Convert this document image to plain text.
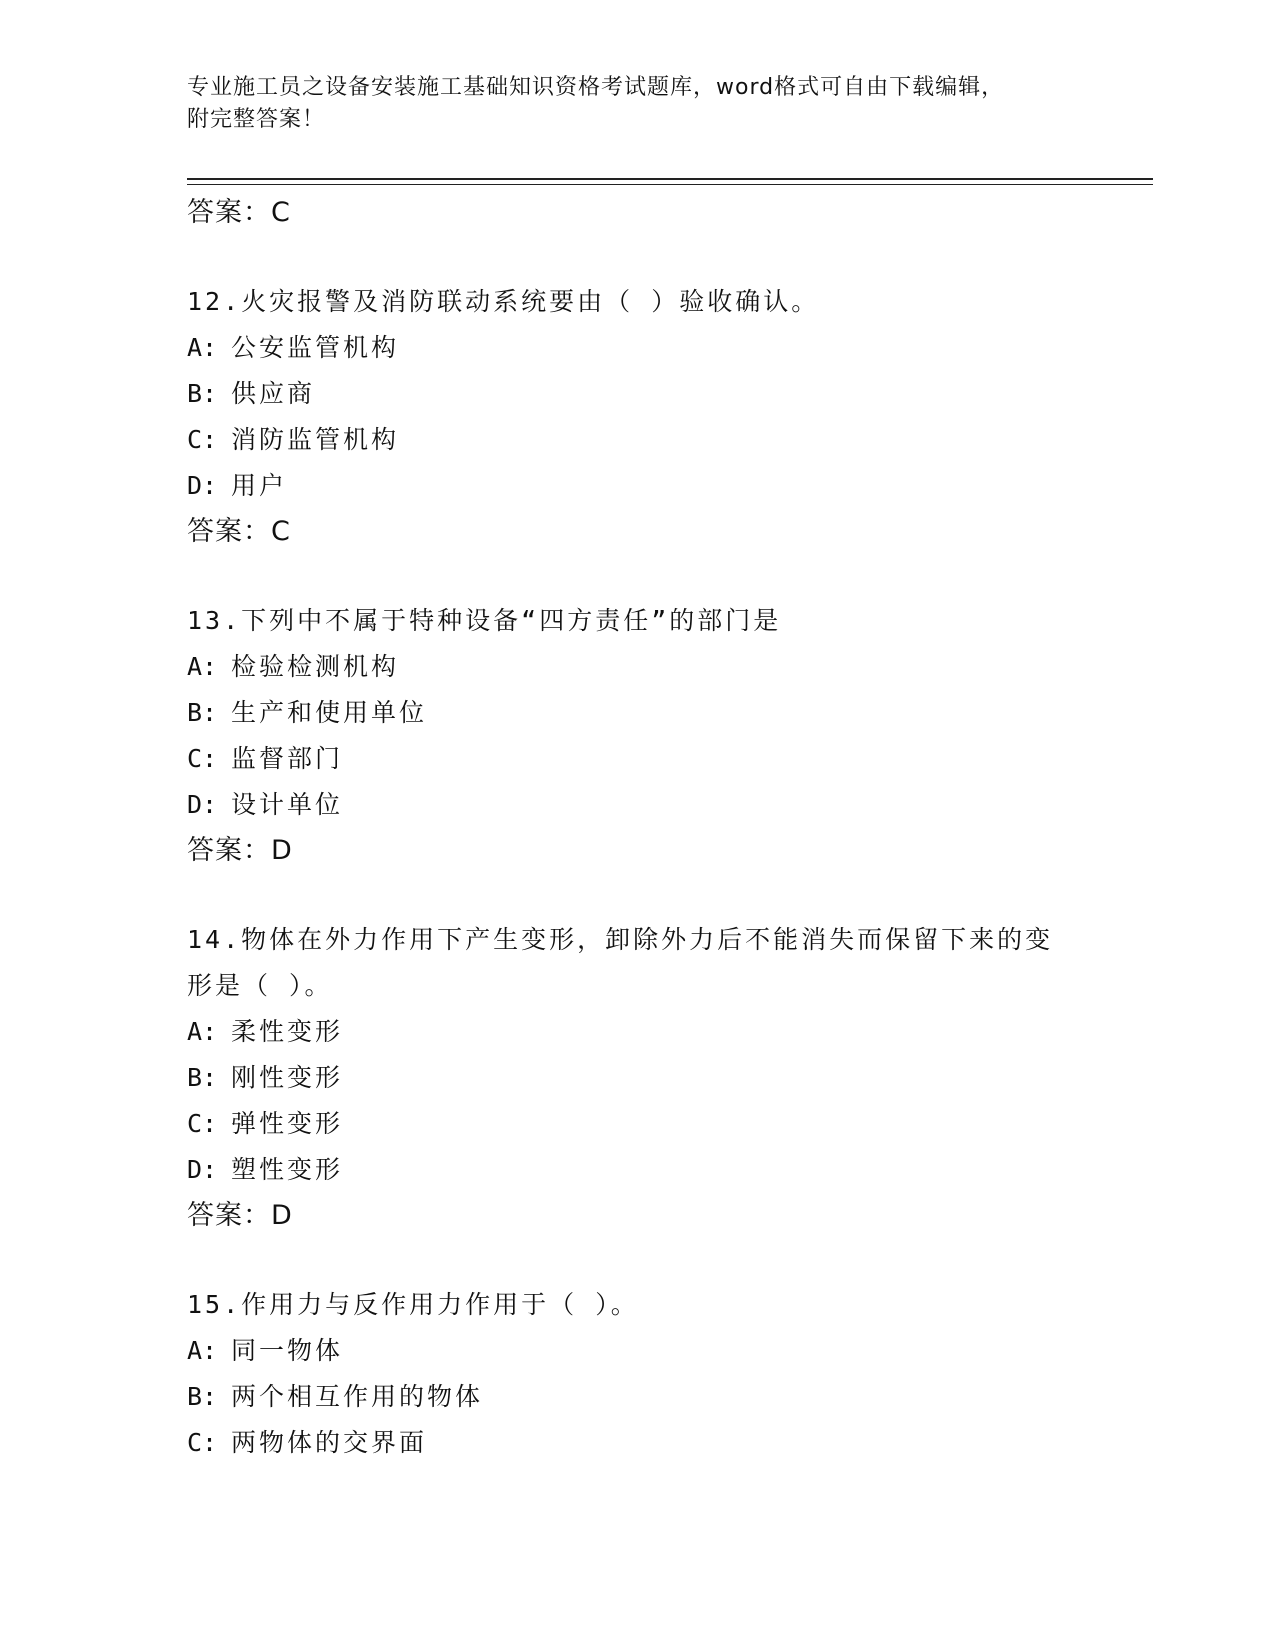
专业施工员之设备安装施工基础知识资格考试题库，word格式可自由下载编辑，
附完整答案！
答案：C
12.火灾报警及消防联动系统要由（ ）验收确认。
A: 公安监管机构
B: 供应商
C: 消防监管机构
D: 用户
答案：C
13.下列中不属于特种设备“四方责任”的部门是
A: 检验检测机构
B: 生产和使用单位
C: 监督部门
D: 设计单位
答案：D
14.物体在外力作用下产生变形，卸除外力后不能消失而保留下来的变
形是（ ）。
A: 柔性变形
B: 刚性变形
C: 弹性变形
D: 塑性变形
答案：D
15.作用力与反作用力作用于（ ）。
A: 同一物体
B: 两个相互作用的物体
C: 两物体的交界面
